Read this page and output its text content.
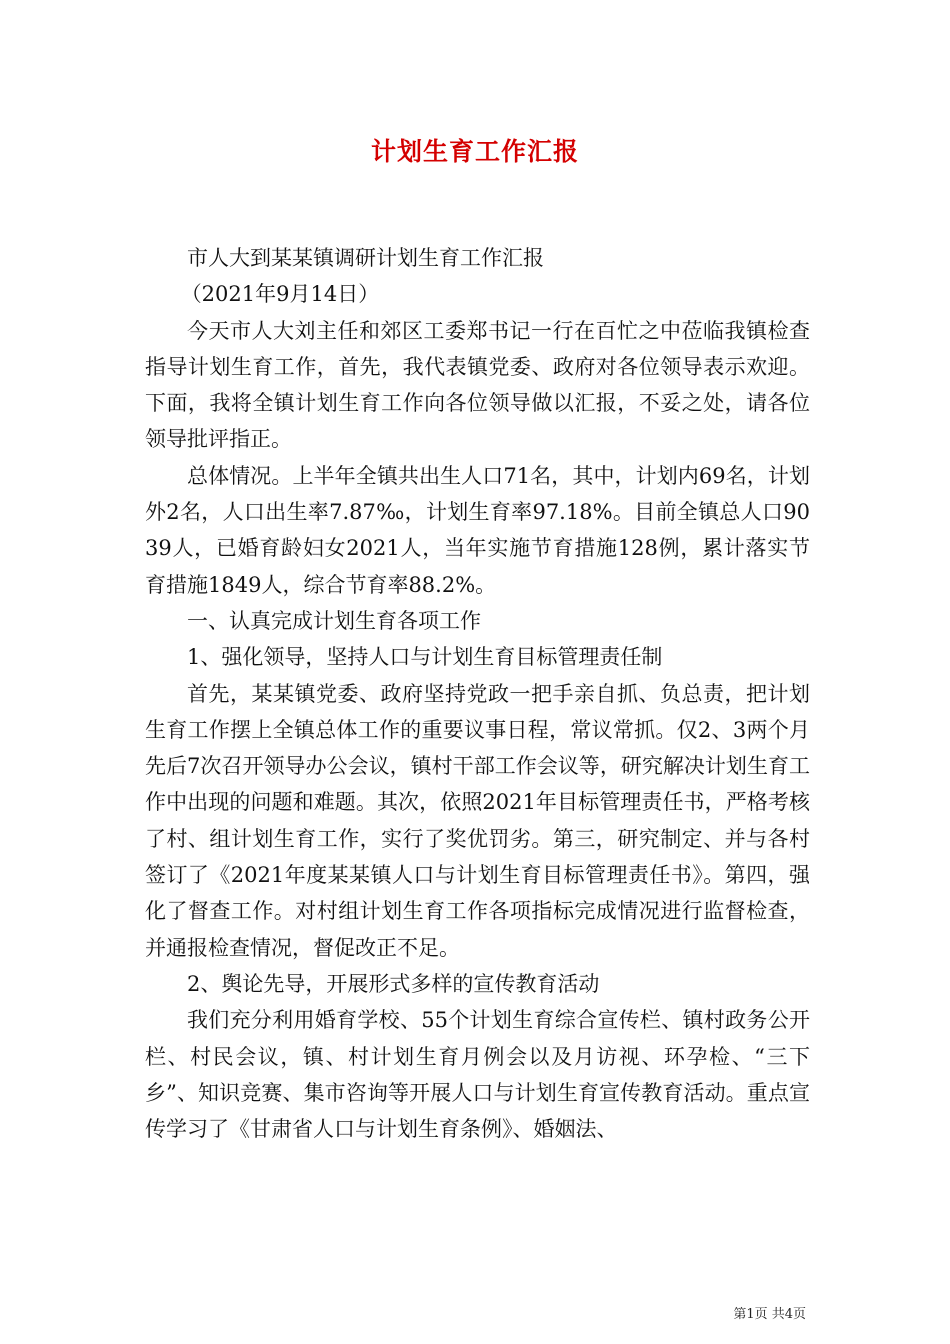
计划生育工作汇报

市人大到某某镇调研计划生育工作汇报

（2021年9月14日）

今天市人大刘主任和郊区工委郑书记一行在百忙之中莅临我镇检查指导计划生育工作，首先，我代表镇党委、政府对各位领导表示欢迎。下面，我将全镇计划生育工作向各位领导做以汇报，不妥之处，请各位领导批评指正。

总体情况。上半年全镇共出生人口71名，其中，计划内69名，计划外2名，人口出生率7.87‰，计划生育率97.18%。目前全镇总人口9039人，已婚育龄妇女2021人，当年实施节育措施128例，累计落实节育措施1849人，综合节育率88.2%。

一、认真完成计划生育各项工作

1、强化领导，坚持人口与计划生育目标管理责任制

首先，某某镇党委、政府坚持党政一把手亲自抓、负总责，把计划生育工作摆上全镇总体工作的重要议事日程，常议常抓。仅2、3两个月先后7次召开领导办公会议，镇村干部工作会议等，研究解决计划生育工作中出现的问题和难题。其次，依照2021年目标管理责任书，严格考核了村、组计划生育工作，实行了奖优罚劣。第三，研究制定、并与各村签订了《2021年度某某镇人口与计划生育目标管理责任书》。第四，强化了督查工作。对村组计划生育工作各项指标完成情况进行监督检查，并通报检查情况，督促改正不足。

2、舆论先导，开展形式多样的宣传教育活动

我们充分利用婚育学校、55个计划生育综合宣传栏、镇村政务公开栏、村民会议，镇、村计划生育月例会以及月访视、环孕检、“三下乡”、知识竞赛、集市咨询等开展人口与计划生育宣传教育活动。重点宣传学习了《甘肃省人口与计划生育条例》、婚姻法、

第1页 共4页
